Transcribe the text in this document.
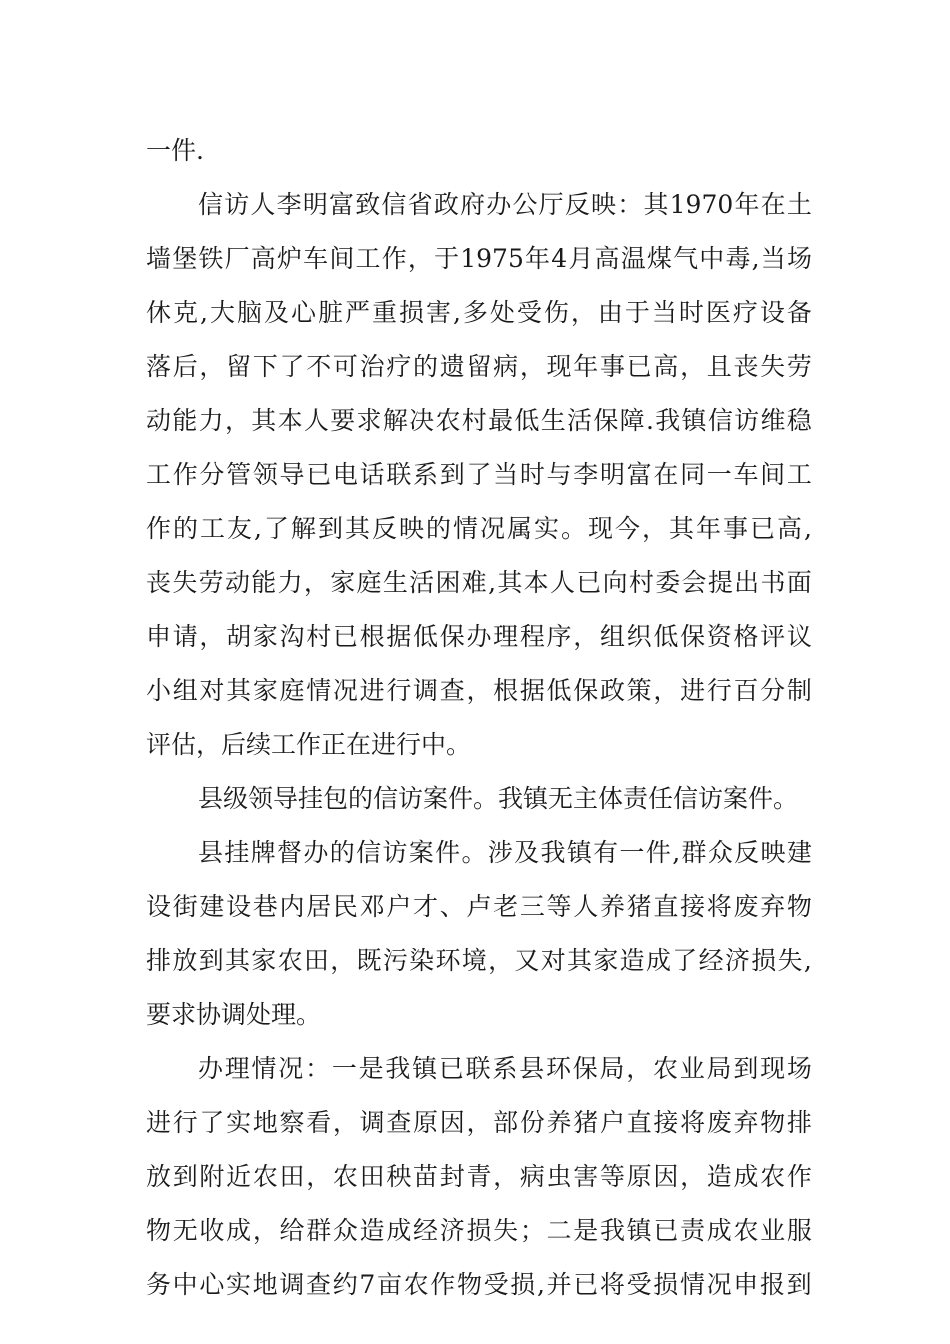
一件.
信 访 人 李 明 富 致 信 省 政 府 办 公 厅 反 映 ： 其 1970 年 在 土
墙 堡 铁 厂 高 炉 车 间 工 作 ， 于 1975 年 4 月 高 温 煤 气 中 毒 , 当 场
休 克 , 大 脑 及 心 脏 严 重 损 害 , 多 处 受 伤 ， 由 于 当 时 医 疗 设 备
落 后 ， 留 下 了 不 可 治 疗 的 遗 留 病 ， 现 年 事 已 高 ， 且 丧 失 劳
动 能 力 ， 其 本 人 要 求 解 决 农 村 最 低 生 活 保 障 . 我 镇 信 访 维 稳
工 作 分 管 领 导 已 电 话 联 系 到 了 当 时 与 李 明 富 在 同 一 车 间 工
作 的 工 友 , 了 解 到 其 反 映 的 情 况 属 实 。 现 今 ， 其 年 事 已 高 ,
丧 失 劳 动 能 力 ， 家 庭 生 活 困 难 , 其 本 人 已 向 村 委 会 提 出 书 面
申 请 ， 胡 家 沟 村 已 根 据 低 保 办 理 程 序 ， 组 织 低 保 资 格 评 议
小 组 对 其 家 庭 情 况 进 行 调 查 ， 根 据 低 保 政 策 ， 进 行 百 分 制
评估，后续工作正在进行中。
县级领导挂包的信访案件。我镇无主体责任信访案件。
县 挂 牌 督 办 的 信 访 案 件 。 涉 及 我 镇 有 一 件 , 群 众 反 映 建
设 街 建 设 巷 内 居 民 邓 户 才 、 卢 老 三 等 人 养 猪 直 接 将 废 弃 物
排 放 到 其 家 农 田 ， 既 污 染 环 境 ， 又 对 其 家 造 成 了 经 济 损 失 ,
要求协调处理。
办 理 情 况 ： 一 是 我 镇 已 联 系 县 环 保 局 ， 农 业 局 到 现 场
进 行 了 实 地 察 看 ， 调 查 原 因 ， 部 份 养 猪 户 直 接 将 废 弃 物 排
放 到 附 近 农 田 ， 农 田 秧 苗 封 青 ， 病 虫 害 等 原 因 ， 造 成 农 作
物 无 收 成 ， 给 群 众 造 成 经 济 损 失 ； 二 是 我 镇 已 责 成 农 业 服
务 中 心 实 地 调 查 约 7 亩 农 作 物 受 损 , 并 已 将 受 损 情 况 申 报 到
